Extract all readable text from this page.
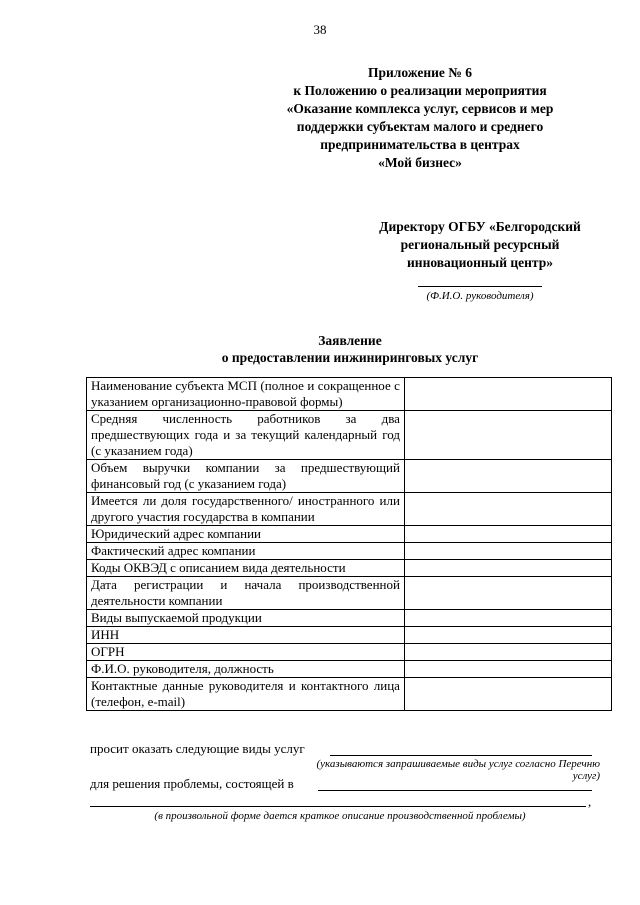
38
Приложение № 6
к Положению о реализации мероприятия
«Оказание комплекса услуг, сервисов и мер
поддержки субъектам малого и среднего
предпринимательства в центрах
«Мой бизнес»
Директору ОГБУ «Белгородский
региональный ресурсный
инновационный центр»
(Ф.И.О. руководителя)
Заявление
о предоставлении инжиниринговых услуг
Наименование субъекта МСП (полное и сокращенное с указанием организационно-правовой формы)	
Средняя численность работников за два предшествующих года и за текущий календарный год (с указанием года)	
Объем выручки компании за предшествующий финансовый год (с указанием года)	
Имеется ли доля государственного/ иностранного или другого участия государства в компании	
Юридический адрес компании	
Фактический адрес компании	
Коды ОКВЭД с описанием вида деятельности	
Дата регистрации и начала производственной деятельности компании	
Виды выпускаемой продукции	
ИНН	
ОГРН	
Ф.И.О. руководителя, должность	
Контактные данные руководителя и контактного лица (телефон, e-mail)	
просит оказать следующие виды услуг
(указываются запрашиваемые виды услуг согласно Перечню услуг)
для решения проблемы, состоящей в
,
(в произвольной форме дается краткое описание производственной проблемы)
